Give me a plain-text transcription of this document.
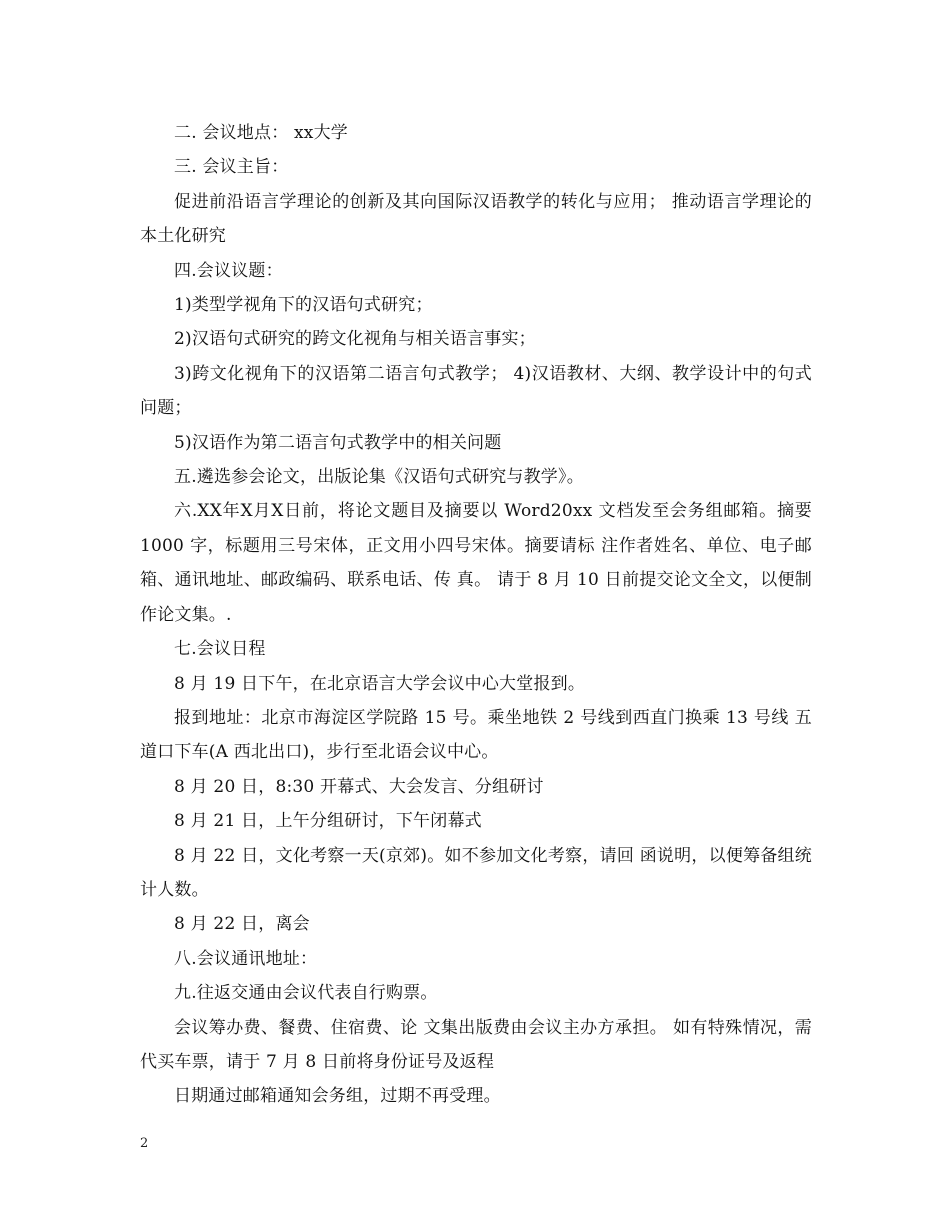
二. 会议地点： xx大学

三. 会议主旨：

促进前沿语言学理论的创新及其向国际汉语教学的转化与应用； 推动语言学理论的本土化研究

四.会议议题：

1)类型学视角下的汉语句式研究；

2)汉语句式研究的跨文化视角与相关语言事实；

3)跨文化视角下的汉语第二语言句式教学； 4)汉语教材、大纲、教学设计中的句式问题；

5)汉语作为第二语言句式教学中的相关问题

五.遴选参会论文，出版论集《汉语句式研究与教学》。

六.XX年X月X日前，将论文题目及摘要以 Word20xx 文档发至会务组邮箱。摘要 1000 字，标题用三号宋体，正文用小四号宋体。摘要请标 注作者姓名、单位、电子邮箱、通讯地址、邮政编码、联系电话、传 真。 请于 8 月 10 日前提交论文全文，以便制作论文集。.

七.会议日程

8 月 19 日下午，在北京语言大学会议中心大堂报到。

报到地址：北京市海淀区学院路 15 号。乘坐地铁 2 号线到西直门换乘 13 号线 五道口下车(A 西北出口)，步行至北语会议中心。

8 月 20 日，8:30 开幕式、大会发言、分组研讨

8 月 21 日，上午分组研讨，下午闭幕式

8 月 22 日，文化考察一天(京郊)。如不参加文化考察，请回 函说明，以便筹备组统计人数。

8 月 22 日，离会

八.会议通讯地址：

九.往返交通由会议代表自行购票。

会议筹办费、餐费、住宿费、论 文集出版费由会议主办方承担。 如有特殊情况，需代买车票，请于 7 月 8 日前将身份证号及返程

日期通过邮箱通知会务组，过期不再受理。

2
